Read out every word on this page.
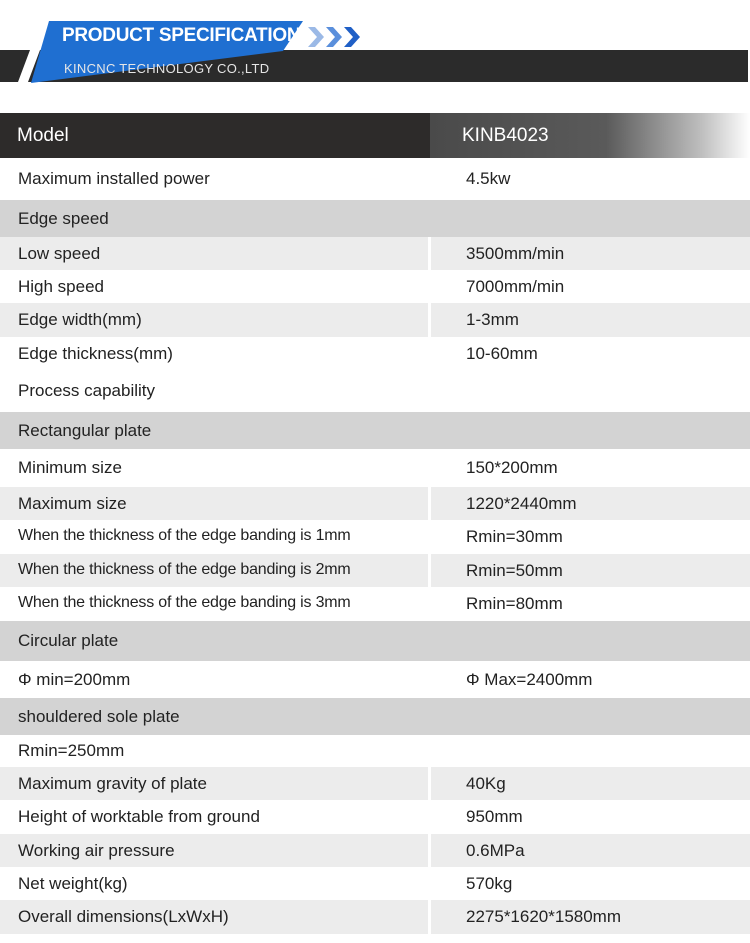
PRODUCT SPECIFICATION
KINCNC TECHNOLOGY CO.,LTD
Model	KINB4023
Maximum installed power	4.5kw
Edge speed
Low speed	3500mm/min
High speed	7000mm/min
Edge width(mm)	1-3mm
Edge thickness(mm)	10-60mm
Process capability
Rectangular plate
Minimum size	150*200mm
Maximum size	1220*2440mm
When the thickness of the edge banding is 1mm	Rmin=30mm
When the thickness of the edge banding is 2mm	Rmin=50mm
When the thickness of the edge banding is 3mm	Rmin=80mm
Circular plate
Φ min=200mm	Φ Max=2400mm
shouldered sole plate
Rmin=250mm
Maximum gravity of plate	40Kg
Height of worktable from ground	950mm
Working air pressure	0.6MPa
Net weight(kg)	570kg
Overall dimensions(LxWxH)	2275*1620*1580mm
